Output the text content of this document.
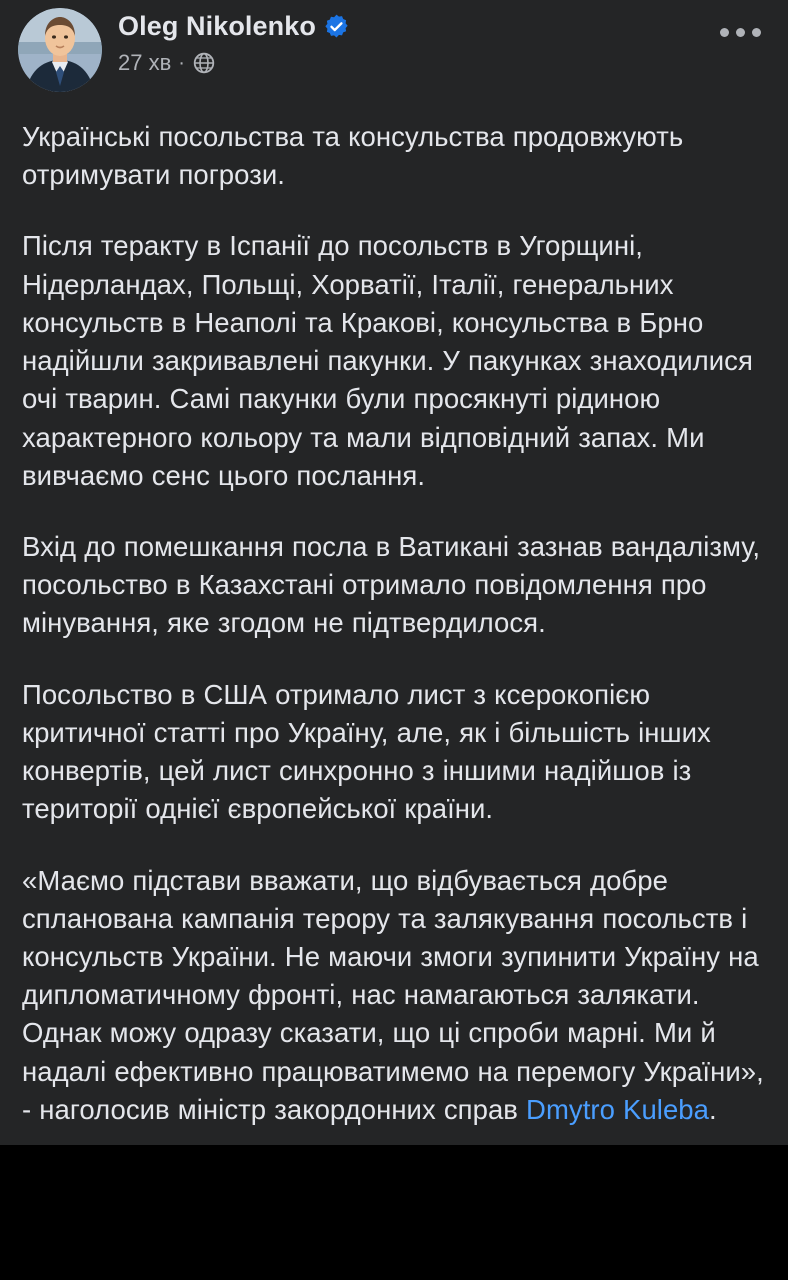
Oleg Nikolenko
27 хв ·

Українські посольства та консульства продовжують отримувати погрози.

Після теракту в Іспанії до посольств в Угорщині, Нідерландах, Польщі, Хорватії, Італії, генеральних консульств в Неаполі та Кракові, консульства в Брно надійшли закривавлені пакунки. У пакунках знаходилися очі тварин. Самі пакунки були просякнуті рідиною характерного кольору та мали відповідний запах. Ми вивчаємо сенс цього послання.

Вхід до помешкання посла в Ватикані зазнав вандалізму, посольство в Казахстані отримало повідомлення про мінування, яке згодом не підтвердилося.

Посольство в США отримало лист з ксерокопією критичної статті про Україну, але, як і більшість інших конвертів, цей лист синхронно з іншими надійшов із території однієї європейської країни.

«Маємо підстави вважати, що відбувається добре спланована кампанія терору та залякування посольств і консульств України. Не маючи змоги зупинити Україну на дипломатичному фронті, нас намагаються залякати. Однак можу одразу сказати, що ці спроби марні. Ми й надалі ефективно працюватимемо на перемогу України», - наголосив міністр закордонних справ Dmytro Kuleba.
